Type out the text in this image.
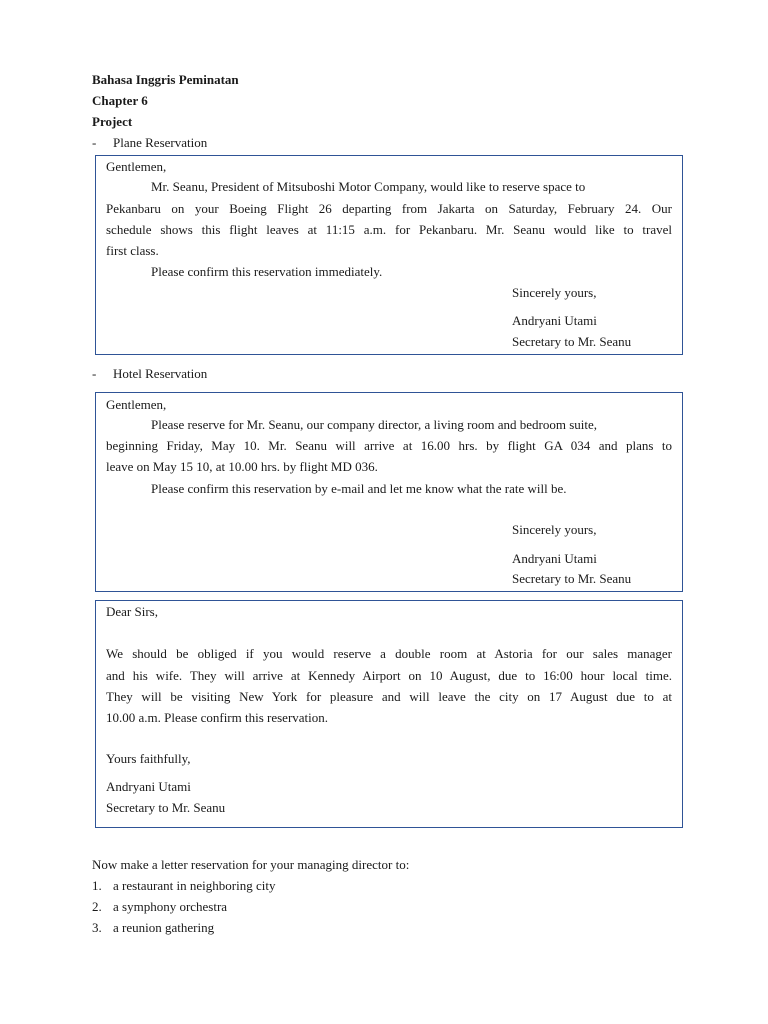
Bahasa Inggris Peminatan
Chapter 6
Project
- Plane Reservation
Gentlemen,
Mr. Seanu, President of Mitsuboshi Motor Company, would like to reserve space to
Pekanbaru on your Boeing Flight 26 departing from Jakarta on Saturday, February 24. Our
schedule shows this flight leaves at 11:15 a.m. for Pekanbaru. Mr. Seanu would like to travel
first class.
Please confirm this reservation immediately.
Sincerely yours,
Andryani Utami
Secretary to Mr. Seanu
- Hotel Reservation
Gentlemen,
Please reserve for Mr. Seanu, our company director, a living room and bedroom suite,
beginning Friday, May 10. Mr. Seanu will arrive at 16.00 hrs. by flight GA 034 and plans to
leave on May 15 10, at 10.00 hrs. by flight MD 036.
Please confirm this reservation by e-mail and let me know what the rate will be.
Sincerely yours,
Andryani Utami
Secretary to Mr. Seanu
Dear Sirs,
We should be obliged if you would reserve a double room at Astoria for our sales manager
and his wife. They will arrive at Kennedy Airport on 10 August, due to 16:00 hour local time.
They will be visiting New York for pleasure and will leave the city on 17 August due to at
10.00 a.m. Please confirm this reservation.
Yours faithfully,
Andryani Utami
Secretary to Mr. Seanu
Now make a letter reservation for your managing director to:
1. a restaurant in neighboring city
2. a symphony orchestra
3. a reunion gathering
